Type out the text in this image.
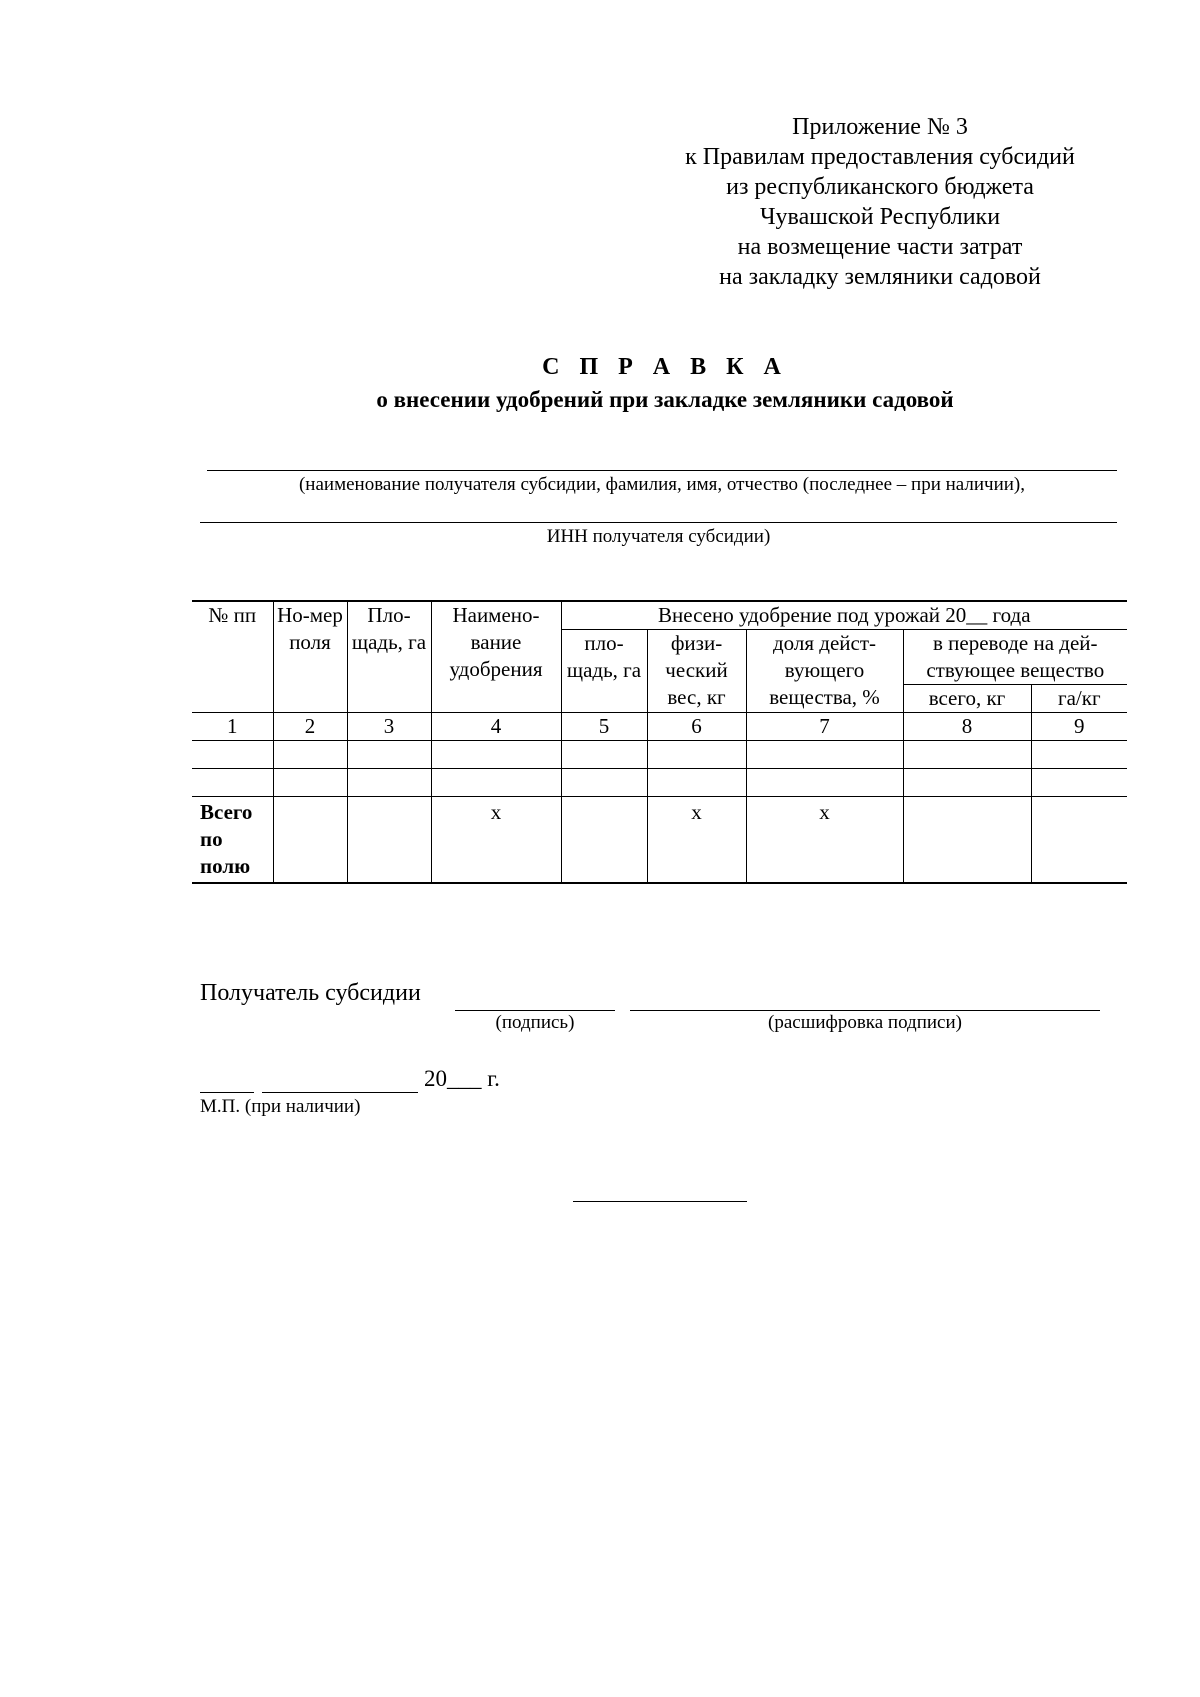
Приложение № 3
к Правилам предоставления субсидий
из республиканского бюджета
Чувашской Республики
на возмещение части затрат
на закладку земляники садовой
С П Р А В К А
о внесении удобрений при закладке земляники садовой
(наименование получателя субсидии, фамилия, имя, отчество (последнее – при наличии),
ИНН получателя субсидии)
№ пп	Но-мер поля	Пло-щадь, га	Наимено-вание удобрения	Внесено удобрение под урожай 20__ года				
				пло-щадь, га	физи-ческий вес, кг	доля дейст-вующего вещества, %	в переводе на дей-ствующее вещество	

							всего, кг	га/кг
1	2	3	4	5	6	7	8	9

Всего по полю			х		х	х		
Получатель субсидии
(подпись)	(расшифровка подписи)
20___ г.
М.П. (при наличии)
